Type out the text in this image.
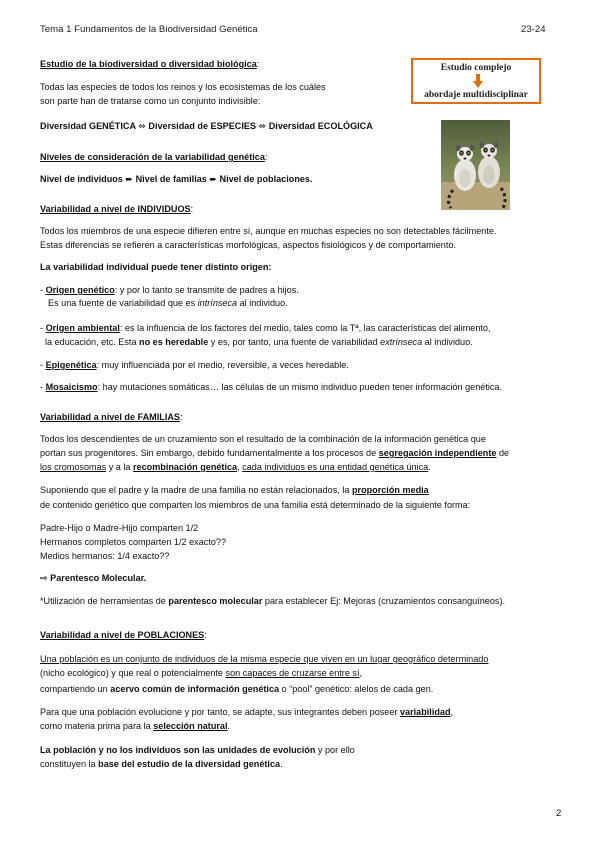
Tema 1 Fundamentos de la Biodiversidad Genética	23-24
Estudio complejo
abordaje multidisciplinar
Estudio de la biodiversidad o diversidad biológica:
Todas las especies de todos los reinos y los ecosistemas de los cuáles
son parte han de tratarse como un conjunto indivisible:
Diversidad GENÉTICA ⬄ Diversidad de ESPECIES ⬄ Diversidad ECOLÓGICA
Niveles de consideración de la variabilidad genética:
Nivel de individuos ➨ Nivel de familias ➨ Nivel de poblaciones.
Variabilidad a nivel de INDIVIDUOS:
Todos los miembros de una especie difieren entre sí, aunque en muchas especies no son detectables fácilmente.
Estas diferencias se refieren a características morfológicas, aspectos fisiológicos y de comportamiento.
La variabilidad individual puede tener distinto origen:
- Origen genético: y por lo tanto se transmite de padres a hijos.
Es una fuente de variabilidad que es intrínseca al individuo.
- Origen ambiental: es la influencia de los factores del medio, tales como la Tª, las características del alimento,
la educación, etc. Esta no es heredable y es, por tanto, una fuente de variabilidad extrínseca al individuo.
- Epigenética: muy influenciada por el medio, reversible, a veces heredable.
- Mosaicismo: hay mutaciones somáticas… las células de un mismo individuo pueden tener información genética.
Variabilidad a nivel de FAMILIAS:
Todos los descendientes de un cruzamiento son el resultado de la combinación de la información genética que
portan sus progenitores. Sin embargo, debido fundamentalmente a los procesos de segregación independiente de
los cromosomas y a la recombinación genética, cada individuos es una entidad genética única.
Suponiendo que el padre y la madre de una familia no están relacionados, la proporción media
de contenido genético que comparten los miembros de una familia está determinado de la siguiente forma:
Padre-Hijo o Madre-Hijo comparten 1/2
Hermanos completos comparten 1/2 exacto??
Medios hermanos: 1/4 exacto??
⇨ Parentesco Molecular.
*Utilización de herramientas de parentesco molecular para establecer Ej: Mejoras (cruzamientos consanguíneos).
Variabilidad a nivel de POBLACIONES:
Una población es un conjunto de individuos de la misma especie que viven en un lugar geográfico determinado
(nicho ecológico) y que real o potencialmente son capaces de cruzarse entre sí,
compartiendo un acervo común de información genética o “pool” genético: alelos de cada gen.
Para que una población evolucione y por tanto, se adapte, sus integrantes deben poseer variabilidad,
como materia prima para la selección natural.
La población y no los individuos son las unidades de evolución y por ello
constituyen la base del estudio de la diversidad genética.
2
